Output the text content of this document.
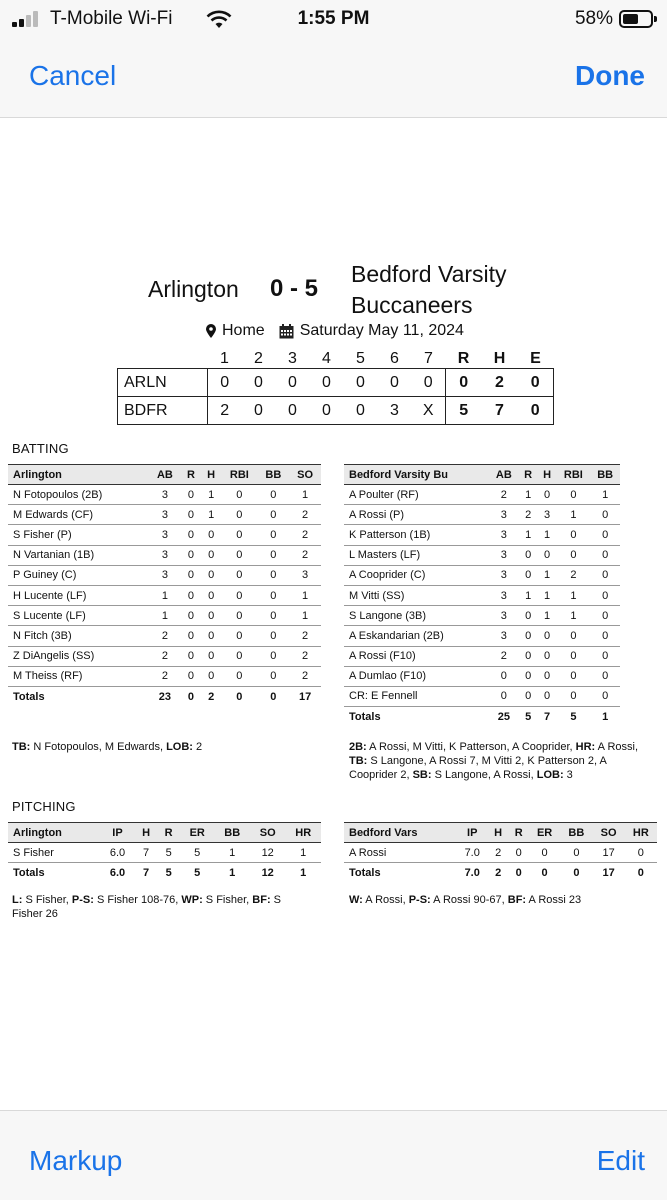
T-Mobile Wi-Fi	1:55 PM	58%
Cancel	Done
Arlington 0 - 5
Bedford Varsity Buccaneers
Home Saturday May 11, 2024
	1	2	3	4	5	6	7	R	H	E
ARLN	0	0	0	0	0	0	0	0	2	0
BDFR	2	0	0	0	0	3	X	5	7	0
BATTING
Arlington	AB	R	H	RBI	BB	SO
N Fotopoulos (2B)	3	0	1	0	0	1
M Edwards (CF)	3	0	1	0	0	2
S Fisher (P)	3	0	0	0	0	2
N Vartanian (1B)	3	0	0	0	0	2
P Guiney (C)	3	0	0	0	0	3
H Lucente (LF)	1	0	0	0	0	1
S Lucente (LF)	1	0	0	0	0	1
N Fitch (3B)	2	0	0	0	0	2
Z DiAngelis (SS)	2	0	0	0	0	2
M Theiss (RF)	2	0	0	0	0	2
Totals	23	0	2	0	0	17
Bedford Varsity Bu	AB	R	H	RBI	BB
A Poulter (RF)	2	1	0	0	1
A Rossi (P)	3	2	3	1	0
K Patterson (1B)	3	1	1	0	0
L Masters (LF)	3	0	0	0	0
A Cooprider (C)	3	0	1	2	0
M Vitti (SS)	3	1	1	1	0
S Langone (3B)	3	0	1	1	0
A Eskandarian (2B)	3	0	0	0	0
A Rossi (F10)	2	0	0	0	0
A Dumlao (F10)	0	0	0	0	0
CR: E Fennell	0	0	0	0	0
Totals	25	5	7	5	1
TB: N Fotopoulos, M Edwards, LOB: 2	2B: A Rossi, M Vitti, K Patterson, A Cooprider, HR: A Rossi, TB: S Langone, A Rossi 7, M Vitti 2, K Patterson 2, A Cooprider 2, SB: S Langone, A Rossi, LOB: 3
PITCHING
Arlington	IP	H	R	ER	BB	SO	HR
S Fisher	6.0	7	5	5	1	12	1
Totals	6.0	7	5	5	1	12	1
Bedford Vars	IP	H	R	ER	BB	SO	HR
A Rossi	7.0	2	0	0	0	17	0
Totals	7.0	2	0	0	0	17	0
L: S Fisher, P-S: S Fisher 108-76, WP: S Fisher, BF: S Fisher 26
W: A Rossi, P-S: A Rossi 90-67, BF: A Rossi 23
Markup	Edit
